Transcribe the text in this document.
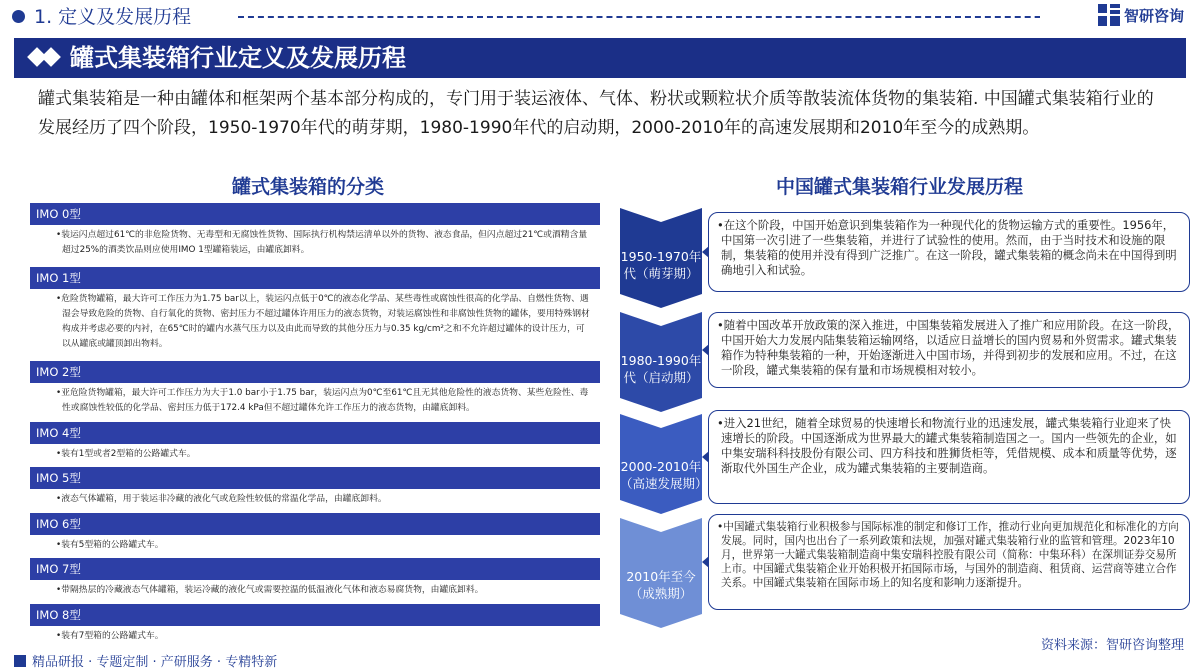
1. 定义及发展历程	智研咨询
罐式集装箱行业定义及发展历程
罐式集装箱是一种由罐体和框架两个基本部分构成的，专门用于装运液体、气体、粉状或颗粒状介质等散装流体货物的集装箱. 中国罐式集装箱行业的发展经历了四个阶段，1950-1970年代的萌芽期，1980-1990年代的启动期，2000-2010年的高速发展期和2010年至今的成熟期。
罐式集装箱的分类
IMO 0型
•装运闪点超过61℃的非危险货物、无毒型和无腐蚀性货物、国际执行机构禁运清单以外的货物、液态食品，但闪点超过21℃或酒精含量超过25%的酒类饮品则应使用IMO 1型罐箱装运，由罐底卸料。
IMO 1型
•危险货物罐箱，最大许可工作压力为1.75 bar以上，装运闪点低于0℃的液态化学品、某些毒性或腐蚀性很高的化学品、自燃性货物、遇湿会导致危险的货物、自行氧化的货物、密封压力不超过罐体许用压力的液态货物，对装运腐蚀性和非腐蚀性货物的罐体，要用特殊钢材构成并考虑必要的内衬，在65℃时的罐内水蒸气压力以及由此而导致的其他分压力与0.35 kg/cm²之和不允许超过罐体的设计压力，可以从罐底或罐顶卸出物料。
IMO 2型
•亚危险货物罐箱，最大许可工作压力为大于1.0 bar小于1.75 bar，装运闪点为0℃至61℃且无其他危险性的液态货物、某些危险性、毒性或腐蚀性较低的化学品、密封压力低于172.4 kPa但不超过罐体允许工作压力的液态货物，由罐底卸料。
IMO 4型
•装有1型或者2型箱的公路罐式车。
IMO 5型
•液态气体罐箱，用于装运非冷藏的液化气或危险性较低的常温化学品，由罐底卸料。
IMO 6型
•装有5型箱的公路罐式车。
IMO 7型
•带隔热层的冷藏液态气体罐箱，装运冷藏的液化气或需要控温的低温液化气体和液态易腐货物，由罐底卸料。
IMO 8型
•装有7型箱的公路罐式车。
中国罐式集装箱行业发展历程
1950-1970年代（萌芽期）
•在这个阶段，中国开始意识到集装箱作为一种现代化的货物运输方式的重要性。1956年，中国第一次引进了一些集装箱，并进行了试验性的使用。然而，由于当时技术和设施的限制，集装箱的使用并没有得到广泛推广。在这一阶段，罐式集装箱的概念尚未在中国得到明确地引入和试验。
1980-1990年代（启动期）
•随着中国改革开放政策的深入推进，中国集装箱发展进入了推广和应用阶段。在这一阶段，中国开始大力发展内陆集装箱运输网络，以适应日益增长的国内贸易和外贸需求。罐式集装箱作为特种集装箱的一种，开始逐渐进入中国市场，并得到初步的发展和应用。不过，在这一阶段，罐式集装箱的保有量和市场规模相对较小。
2000-2010年（高速发展期）
•进入21世纪，随着全球贸易的快速增长和物流行业的迅速发展，罐式集装箱行业迎来了快速增长的阶段。中国逐渐成为世界最大的罐式集装箱制造国之一。国内一些领先的企业，如中集安瑞科科技股份有限公司、四方科技和胜狮货柜等，凭借规模、成本和质量等优势，逐渐取代外国生产企业，成为罐式集装箱的主要制造商。
2010年至今（成熟期）
•中国罐式集装箱行业积极参与国际标准的制定和修订工作，推动行业向更加规范化和标准化的方向发展。同时，国内也出台了一系列政策和法规，加强对罐式集装箱行业的监管和管理。2023年10月，世界第一大罐式集装箱制造商中集安瑞科控股有限公司（简称：中集环科）在深圳证券交易所上市。中国罐式集装箱企业开始积极开拓国际市场，与国外的制造商、租赁商、运营商等建立合作关系。中国罐式集装箱在国际市场上的知名度和影响力逐渐提升。
资料来源：智研咨询整理
精品研报 · 专题定制 · 产研服务 · 专精特新
